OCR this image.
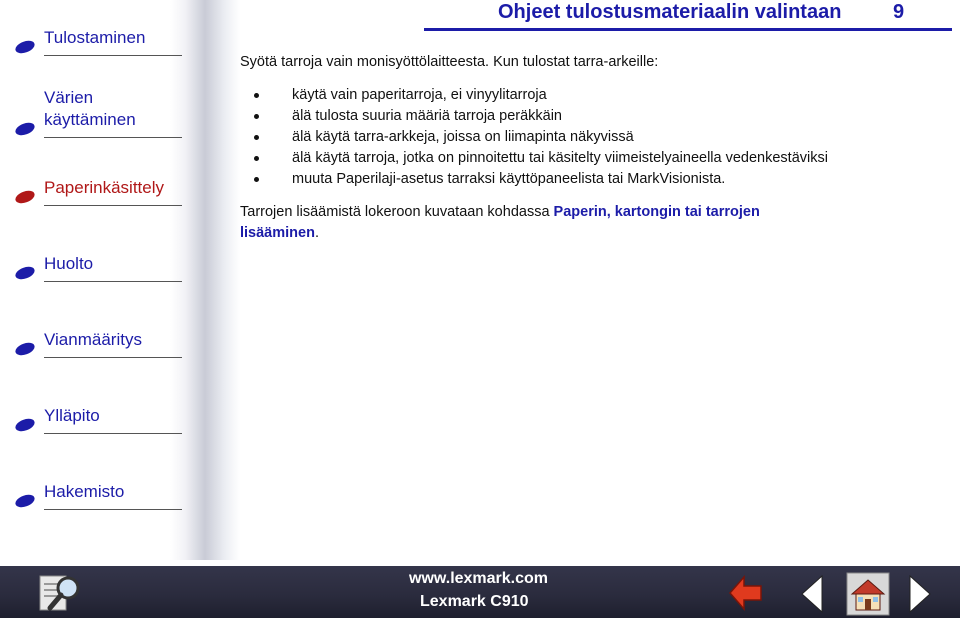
Tulostaminen
Värien
käyttäminen
Paperinkäsittely
Huolto
Vianmääritys
Ylläpito
Hakemisto
Ohjeet tulostusmateriaalin valintaan	9

Syötä tarroja vain monisyöttölaitteesta. Kun tulostat tarra-arkeille:

käytä vain paperitarroja, ei vinyylitarroja
älä tulosta suuria määriä tarroja peräkkäin
älä käytä tarra-arkkeja, joissa on liimapinta näkyvissä
älä käytä tarroja, jotka on pinnoitettu tai käsitelty viimeistelyaineella vedenkestäviksi
muuta Paperilaji-asetus tarraksi käyttöpaneelista tai MarkVisionista.

Tarrojen lisäämistä lokeroon kuvataan kohdassa Paperin, kartongin tai tarrojen lisääminen.

www.lexmark.com
Lexmark C910
